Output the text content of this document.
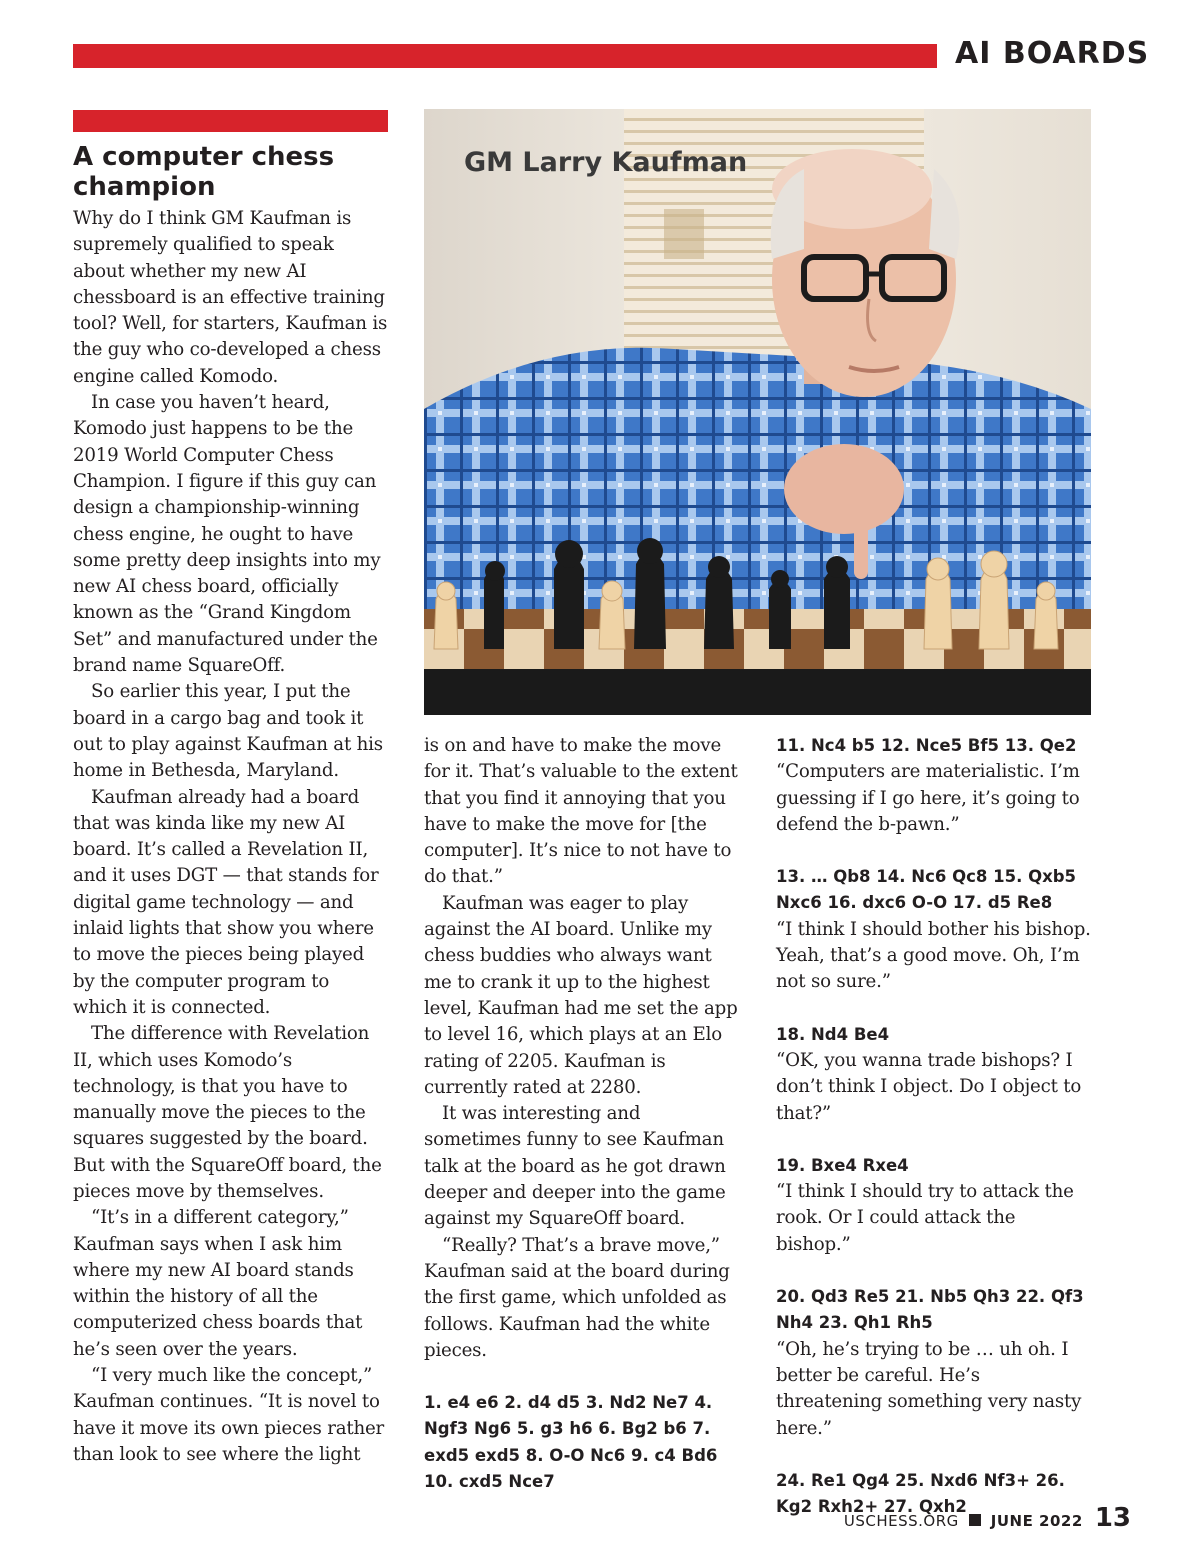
AI BOARDS
A computer chess champion

Why do I think GM Kaufman is supremely qualified to speak about whether my new AI chessboard is an effective training tool? Well, for starters, Kaufman is the guy who co-developed a chess engine called Komodo.

In case you haven’t heard, Komodo just happens to be the 2019 World Computer Chess Champion. I figure if this guy can design a championship-winning chess engine, he ought to have some pretty deep insights into my new AI chess board, officially known as the “Grand Kingdom Set” and manufactured under the brand name SquareOff.

So earlier this year, I put the board in a cargo bag and took it out to play against Kaufman at his home in Bethesda, Maryland.

Kaufman already had a board that was kinda like my new AI board. It’s called a Revelation II, and it uses DGT — that stands for digital game technology — and inlaid lights that show you where to move the pieces being played by the computer program to which it is connected.

The difference with Revelation II, which uses Komodo’s technology, is that you have to manually move the pieces to the squares suggested by the board. But with the SquareOff board, the pieces move by themselves.

“It’s in a different category,” Kaufman says when I ask him where my new AI board stands within the history of all the computerized chess boards that he’s seen over the years.

“I very much like the concept,” Kaufman continues. “It is novel to have it move its own pieces rather than look to see where the light

GM Larry Kaufman

is on and have to make the move for it. That’s valuable to the extent that you find it annoying that you have to make the move for [the computer]. It’s nice to not have to do that.”

Kaufman was eager to play against the AI board. Unlike my chess buddies who always want me to crank it up to the highest level, Kaufman had me set the app to level 16, which plays at an Elo rating of 2205. Kaufman is currently rated at 2280.

It was interesting and sometimes funny to see Kaufman talk at the board as he got drawn deeper and deeper into the game against my SquareOff board.

“Really? That’s a brave move,” Kaufman said at the board during the first game, which unfolded as follows. Kaufman had the white pieces.

1. e4 e6 2. d4 d5 3. Nd2 Ne7 4. Ngf3 Ng6 5. g3 h6 6. Bg2 b6 7. exd5 exd5 8. O-O Nc6 9. c4 Bd6 10. cxd5 Nce7

11. Nc4 b5 12. Nce5 Bf5 13. Qe2

“Computers are materialistic. I’m guessing if I go here, it’s going to defend the b-pawn.”

13. … Qb8 14. Nc6 Qc8 15. Qxb5 Nxc6 16. dxc6 O-O 17. d5 Re8

“I think I should bother his bishop. Yeah, that’s a good move. Oh, I’m not so sure.”

18. Nd4 Be4

“OK, you wanna trade bishops? I don’t think I object. Do I object to that?”

19. Bxe4 Rxe4

“I think I should try to attack the rook. Or I could attack the bishop.”

20. Qd3 Re5 21. Nb5 Qh3 22. Qf3 Nh4 23. Qh1 Rh5

“Oh, he’s trying to be … uh oh. I better be careful. He’s threatening something very nasty here.”

24. Re1 Qg4 25. Nxd6 Nf3+ 26. Kg2 Rxh2+ 27. Qxh2

USCHESS.ORG JUNE 2022 13
